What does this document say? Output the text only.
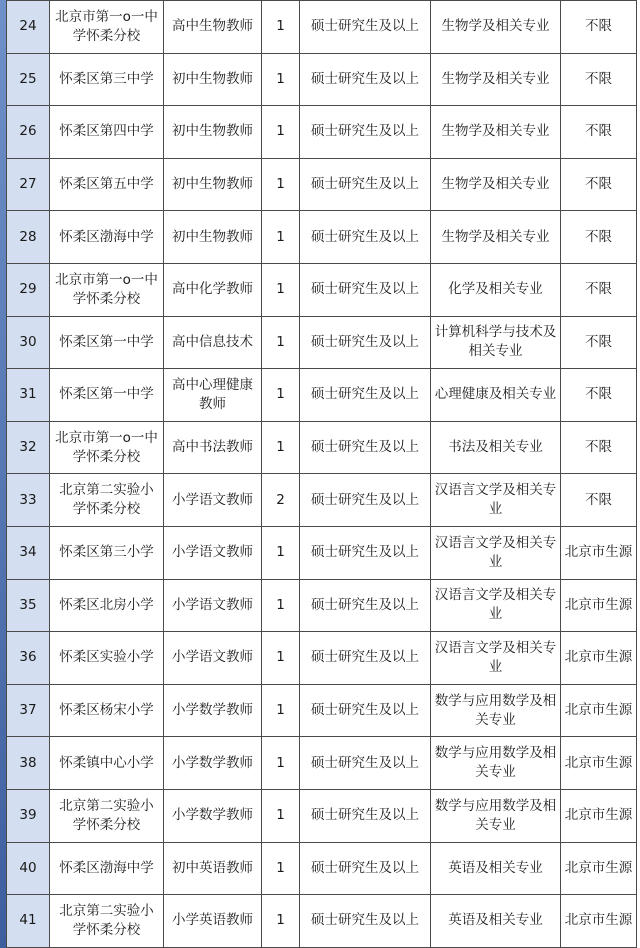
24	北京市第一o一中学怀柔分校	高中生物教师	1	硕士研究生及以上	生物学及相关专业	不限
25	怀柔区第三中学	初中生物教师	1	硕士研究生及以上	生物学及相关专业	不限
26	怀柔区第四中学	初中生物教师	1	硕士研究生及以上	生物学及相关专业	不限
27	怀柔区第五中学	初中生物教师	1	硕士研究生及以上	生物学及相关专业	不限
28	怀柔区渤海中学	初中生物教师	1	硕士研究生及以上	生物学及相关专业	不限
29	北京市第一o一中学怀柔分校	高中化学教师	1	硕士研究生及以上	化学及相关专业	不限
30	怀柔区第一中学	高中信息技术	1	硕士研究生及以上	计算机科学与技术及相关专业	不限
31	怀柔区第一中学	高中心理健康教师	1	硕士研究生及以上	心理健康及相关专业	不限
32	北京市第一o一中学怀柔分校	高中书法教师	1	硕士研究生及以上	书法及相关专业	不限
33	北京第二实验小学怀柔分校	小学语文教师	2	硕士研究生及以上	汉语言文学及相关专业	不限
34	怀柔区第三小学	小学语文教师	1	硕士研究生及以上	汉语言文学及相关专业	北京市生源
35	怀柔区北房小学	小学语文教师	1	硕士研究生及以上	汉语言文学及相关专业	北京市生源
36	怀柔区实验小学	小学语文教师	1	硕士研究生及以上	汉语言文学及相关专业	北京市生源
37	怀柔区杨宋小学	小学数学教师	1	硕士研究生及以上	数学与应用数学及相关专业	北京市生源
38	怀柔镇中心小学	小学数学教师	1	硕士研究生及以上	数学与应用数学及相关专业	北京市生源
39	北京第二实验小学怀柔分校	小学数学教师	1	硕士研究生及以上	数学与应用数学及相关专业	北京市生源
40	怀柔区渤海中学	初中英语教师	1	硕士研究生及以上	英语及相关专业	北京市生源
41	北京第二实验小学怀柔分校	小学英语教师	1	硕士研究生及以上	英语及相关专业	北京市生源
